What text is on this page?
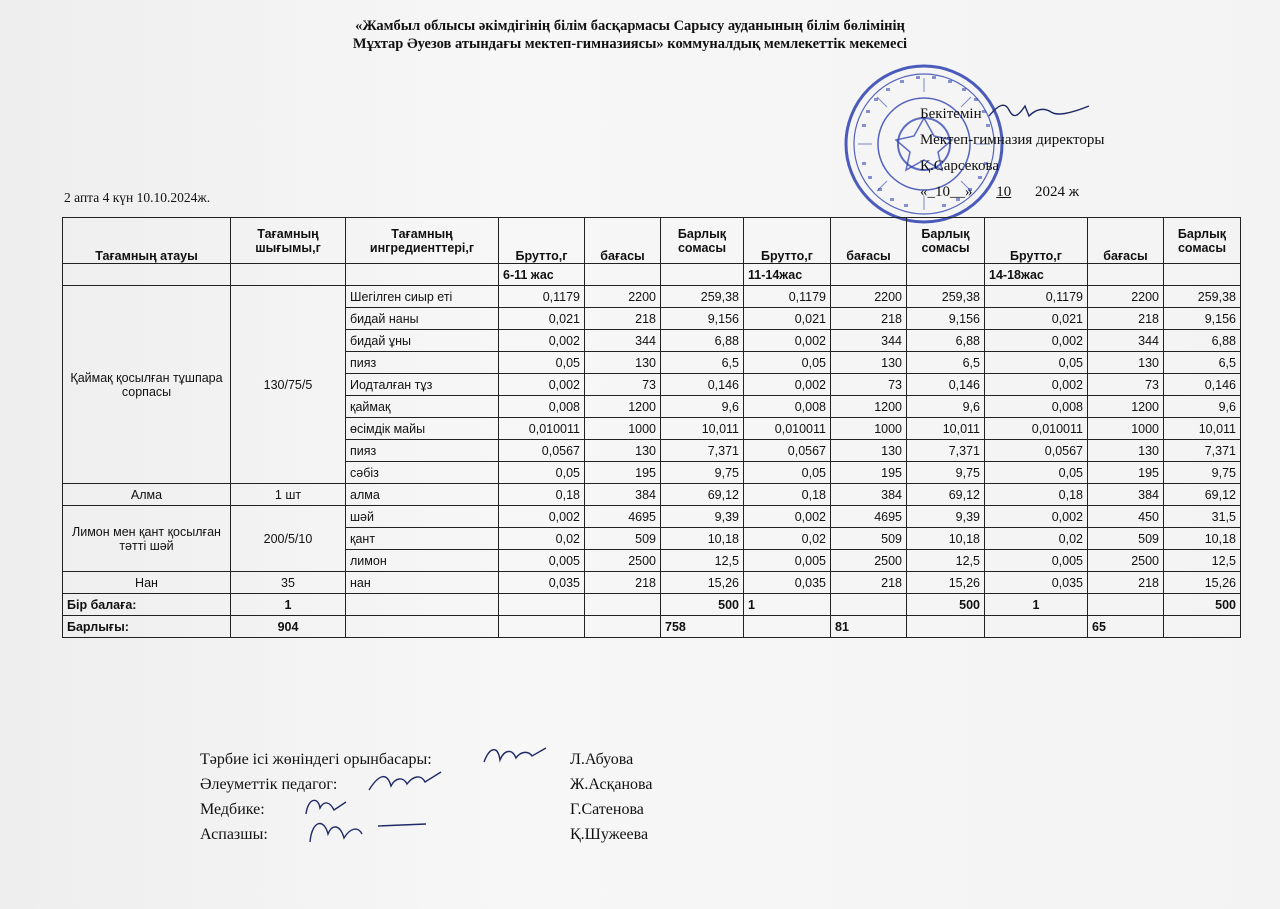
«Жамбыл облысы әкімдігінің білім басқармасы Сарысу ауданының білім бөлімінің
Мұхтар Әуезов атындағы мектеп-гимназиясы» коммуналдық мемлекеттік мекемесі
Бекітемін
Мектеп-гимназия директоры
Қ.Сарсекова
«_10__» 10 2024 ж
2 апта 4 күн 10.10.2024ж.
Тағамның атауы	Тағамның шығымы,г	Тағамның ингредиенттері,г	Брутто,г	бағасы	Барлық сомасы	Брутто,г	бағасы	Барлық сомасы	Брутто,г	бағасы	Барлық сомасы
			6-11 жас			11-14жас			14-18жас		
Қаймақ қосылған тұшпара сорпасы	130/75/5	Шегілген сиыр еті	0,1179	2200	259,38	0,1179	2200	259,38	0,1179	2200	259,38
		бидай наны	0,021	218	9,156	0,021	218	9,156	0,021	218	9,156
		бидай ұны	0,002	344	6,88	0,002	344	6,88	0,002	344	6,88
		пияз	0,05	130	6,5	0,05	130	6,5	0,05	130	6,5
		Иодталған тұз	0,002	73	0,146	0,002	73	0,146	0,002	73	0,146
		қаймақ	0,008	1200	9,6	0,008	1200	9,6	0,008	1200	9,6
		өсімдік майы	0,010011	1000	10,011	0,010011	1000	10,011	0,010011	1000	10,011
		пияз	0,0567	130	7,371	0,0567	130	7,371	0,0567	130	7,371
		сәбіз	0,05	195	9,75	0,05	195	9,75	0,05	195	9,75
Алма	1 шт	алма	0,18	384	69,12	0,18	384	69,12	0,18	384	69,12
Лимон мен қант қосылған тәтті шәй	200/5/10	шәй	0,002	4695	9,39	0,002	4695	9,39	0,002	450	31,5
		қант	0,02	509	10,18	0,02	509	10,18	0,02	509	10,18
		лимон	0,005	2500	12,5	0,005	2500	12,5	0,005	2500	12,5
Нан	35	нан	0,035	218	15,26	0,035	218	15,26	0,035	218	15,26
Бір балаға:	1				500	1		500	1		500
Барлығы:	904				758		81			65	
Тәрбие ісі жөніндегі орынбасары:	Л.Абуова
Әлеуметтік педагог:	Ж.Асқанова
Медбике:	Г.Сатенова
Аспазшы:	Қ.Шужеева
